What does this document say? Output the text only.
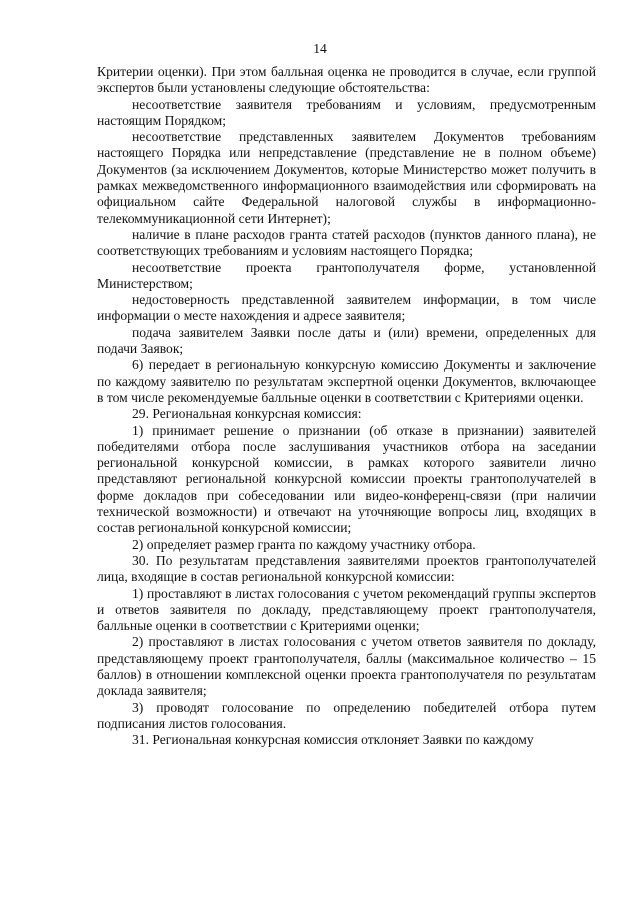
14

Критерии оценки). При этом балльная оценка не проводится в случае, если группой экспертов были установлены следующие обстоятельства:

несоответствие заявителя требованиям и условиям, предусмотренным настоящим Порядком;

несоответствие представленных заявителем Документов требованиям настоящего Порядка или непредставление (представление не в полном объеме) Документов (за исключением Документов, которые Министерство может получить в рамках межведомственного информационного взаимодействия или сформировать на официальном сайте Федеральной налоговой службы в информационно-телекоммуникационной сети Интернет);

наличие в плане расходов гранта статей расходов (пунктов данного плана), не соответствующих требованиям и условиям настоящего Порядка;

несоответствие проекта грантополучателя форме, установленной Министерством;

недостоверность представленной заявителем информации, в том числе информации о месте нахождения и адресе заявителя;

подача заявителем Заявки после даты и (или) времени, определенных для подачи Заявок;

6) передает в региональную конкурсную комиссию Документы и заключение по каждому заявителю по результатам экспертной оценки Документов, включающее в том числе рекомендуемые балльные оценки в соответствии с Критериями оценки.

29. Региональная конкурсная комиссия:

1) принимает решение о признании (об отказе в признании) заявителей победителями отбора после заслушивания участников отбора на заседании региональной конкурсной комиссии, в рамках которого заявители лично представляют региональной конкурсной комиссии проекты грантополучателей в форме докладов при собеседовании или видео-конференц-связи (при наличии технической возможности) и отвечают на уточняющие вопросы лиц, входящих в состав региональной конкурсной комиссии;

2) определяет размер гранта по каждому участнику отбора.

30. По результатам представления заявителями проектов грантополучателей лица, входящие в состав региональной конкурсной комиссии:

1) проставляют в листах голосования с учетом рекомендаций группы экспертов и ответов заявителя по докладу, представляющему проект грантополучателя, балльные оценки в соответствии с Критериями оценки;

2) проставляют в листах голосования с учетом ответов заявителя по докладу, представляющему проект грантополучателя, баллы (максимальное количество – 15 баллов) в отношении комплексной оценки проекта грантополучателя по результатам доклада заявителя;

3) проводят голосование по определению победителей отбора путем подписания листов голосования.

31. Региональная конкурсная комиссия отклоняет Заявки по каждому
